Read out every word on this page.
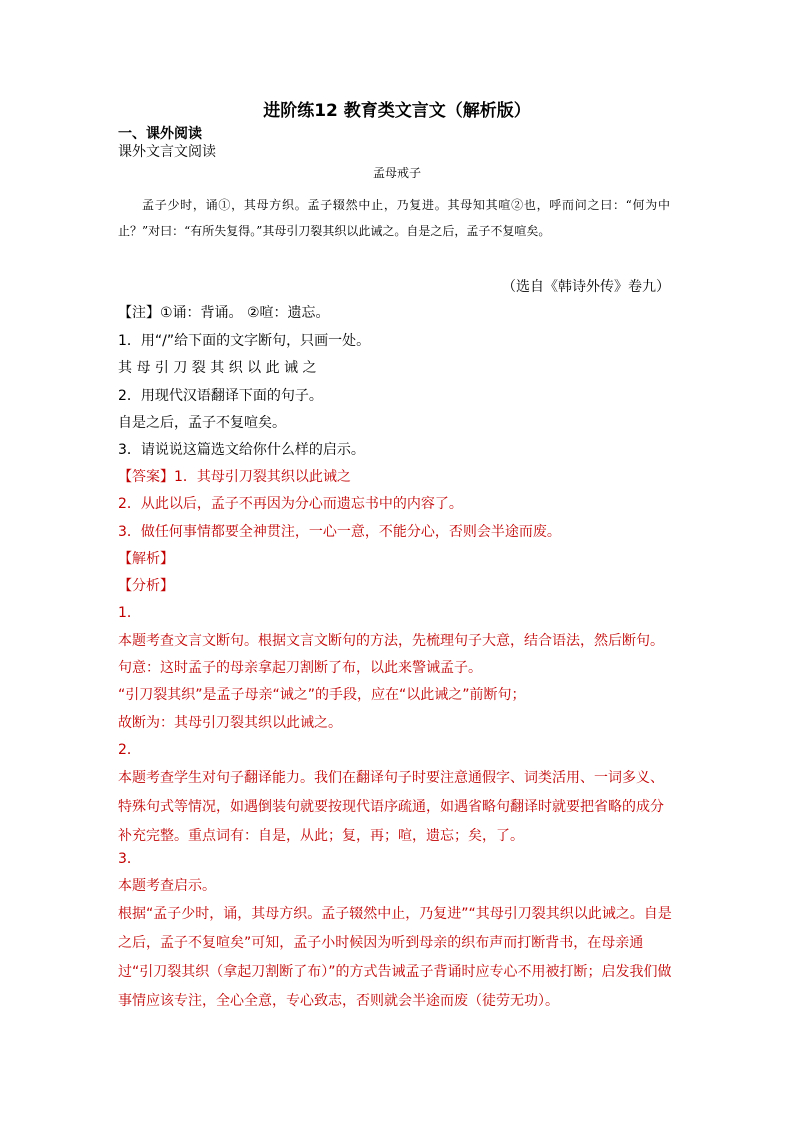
进阶练12 教育类文言文（解析版）

一、课外阅读

课外文言文阅读

孟母戒子

孟子少时，诵①，其母方织。孟子辍然中止，乃复进。其母知其喧②也，呼而问之曰：“何为中止？”对曰：“有所失复得。”其母引刀裂其织以此诫之。自是之后，孟子不复喧矣。

（选自《韩诗外传》卷九）

【注】①诵：背诵。 ②喧：遗忘。

1．用“/”给下面的文字断句，只画一处。

其 母 引 刀 裂 其 织 以 此 诫 之

2．用现代汉语翻译下面的句子。

自是之后，孟子不复喧矣。

3．请说说这篇选文给你什么样的启示。

【答案】1．其母引刀裂其织以此诫之

2．从此以后，孟子不再因为分心而遗忘书中的内容了。

3．做任何事情都要全神贯注，一心一意，不能分心，否则会半途而废。

【解析】

【分析】

1．

本题考查文言文断句。根据文言文断句的方法，先梳理句子大意，结合语法，然后断句。

句意：这时孟子的母亲拿起刀割断了布，以此来警诫孟子。

“引刀裂其织”是孟子母亲“诫之”的手段，应在“以此诫之”前断句；

故断为：其母引刀裂其织以此诫之。

2．

本题考查学生对句子翻译能力。我们在翻译句子时要注意通假字、词类活用、一词多义、特殊句式等情况，如遇倒装句就要按现代语序疏通，如遇省略句翻译时就要把省略的成分补充完整。重点词有：自是，从此；复，再；喧，遗忘；矣，了。

3．

本题考查启示。

根据“孟子少时，诵，其母方织。孟子辍然中止，乃复进”“其母引刀裂其织以此诫之。自是之后，孟子不复喧矣”可知，孟子小时候因为听到母亲的织布声而打断背书，在母亲通过“引刀裂其织（拿起刀割断了布）”的方式告诫孟子背诵时应专心不用被打断；启发我们做事情应该专注，全心全意，专心致志，否则就会半途而废（徒劳无功）。
